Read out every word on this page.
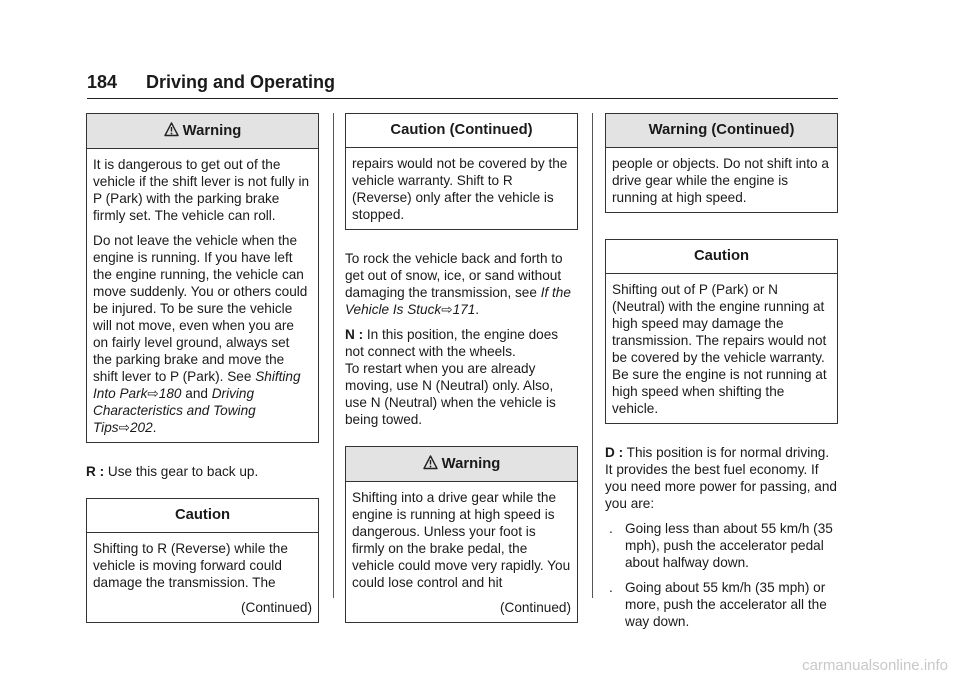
184 Driving and Operating
Warning

It is dangerous to get out of the vehicle if the shift lever is not fully in P (Park) with the parking brake firmly set. The vehicle can roll.

Do not leave the vehicle when the engine is running. If you have left the engine running, the vehicle can move suddenly. You or others could be injured. To be sure the vehicle will not move, even when you are on fairly level ground, always set the parking brake and move the shift lever to P (Park). See Shifting Into Park⇨180 and Driving Characteristics and Towing Tips⇨202.

R : Use this gear to back up.

Caution

Shifting to R (Reverse) while the vehicle is moving forward could damage the transmission. The

(Continued)
Caution (Continued)

repairs would not be covered by the vehicle warranty. Shift to R (Reverse) only after the vehicle is stopped.

To rock the vehicle back and forth to get out of snow, ice, or sand without damaging the transmission, see If the Vehicle Is Stuck⇨171.

N : In this position, the engine does not connect with the wheels.

To restart when you are already moving, use N (Neutral) only. Also, use N (Neutral) when the vehicle is being towed.

Warning

Shifting into a drive gear while the engine is running at high speed is dangerous. Unless your foot is firmly on the brake pedal, the vehicle could move very rapidly. You could lose control and hit

(Continued)
Warning (Continued)

people or objects. Do not shift into a drive gear while the engine is running at high speed.

Caution

Shifting out of P (Park) or N (Neutral) with the engine running at high speed may damage the transmission. The repairs would not be covered by the vehicle warranty. Be sure the engine is not running at high speed when shifting the vehicle.

D : This position is for normal driving. It provides the best fuel economy. If you need more power for passing, and you are:

. Going less than about 55 km/h (35 mph), push the accelerator pedal about halfway down.
. Going about 55 km/h (35 mph) or more, push the accelerator all the way down.
carmanualsonline.info
